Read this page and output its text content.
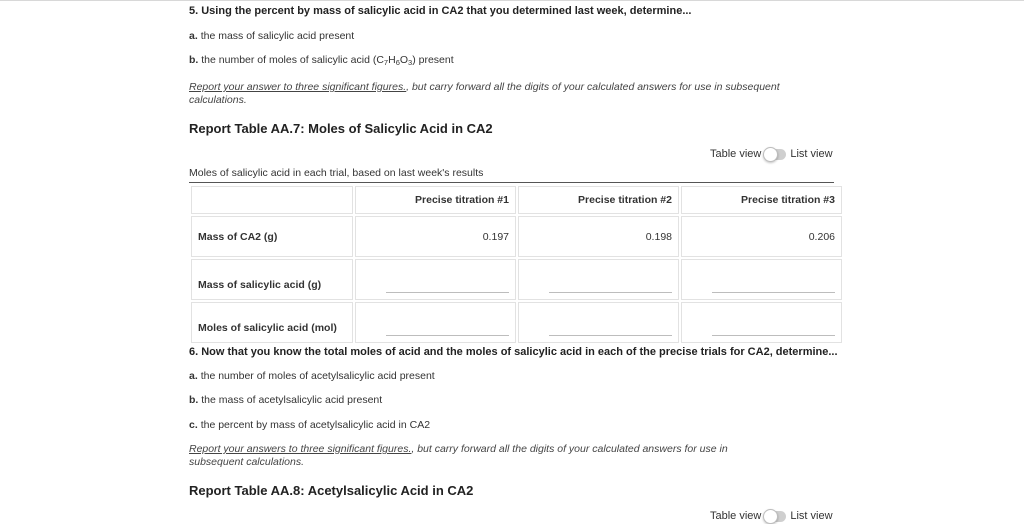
5. Using the percent by mass of salicylic acid in CA2 that you determined last week, determine...
a. the mass of salicylic acid present
b. the number of moles of salicylic acid $(C_7H_6O_3)$ present
Report your answer to three significant figures., but carry forward all the digits of your calculated answers for use in subsequent calculations.
Report Table AA.7: Moles of Salicylic Acid in CA2
Table view	List view
Moles of salicylic acid in each trial, based on last week's results
	Precise titration #1	Precise titration #2	Precise titration #3
Mass of CA2 (g)	0.197	0.198	0.206
Mass of salicylic acid (g)	

Moles of salicylic acid (mol)	

6. Now that you know the total moles of acid and the moles of salicylic acid in each of the precise trials for CA2, determine...
a. the number of moles of acetylsalicylic acid present
b. the mass of acetylsalicylic acid present
c. the percent by mass of acetylsalicylic acid in CA2
Report your answers to three significant figures., but carry forward all the digits of your calculated answers for use in subsequent calculations.
Report Table AA.8: Acetylsalicylic Acid in CA2
Table view	List view
